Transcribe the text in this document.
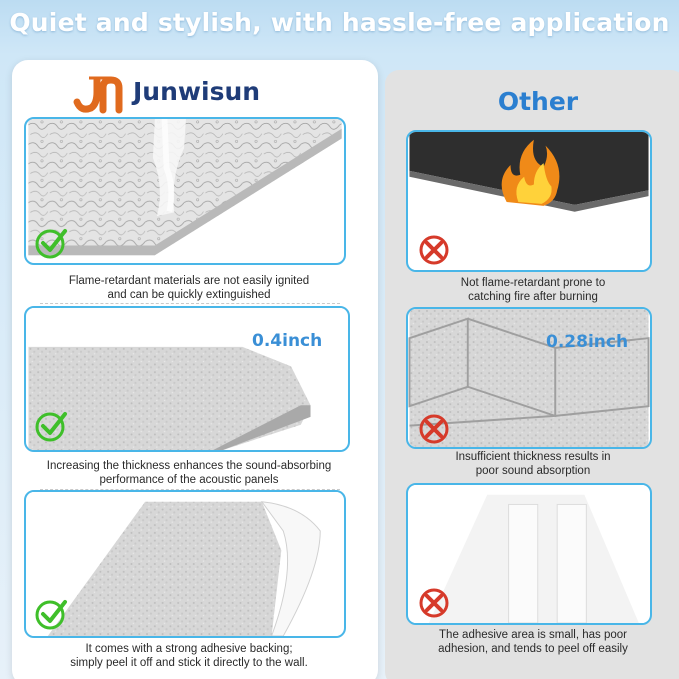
Quiet and stylish, with hassle-free application
Junwisun	Other
Flame-retardant materials are not easily ignited
and can be quickly extinguished
0.4inch
Increasing the thickness enhances the sound-absorbing
performance of the acoustic panels
It comes with a strong adhesive backing;
simply peel it off and stick it directly to the wall.
Not flame-retardant prone to
catching fire after burning
0.28inch
Insufficient thickness results in
poor sound absorption
The adhesive area is small, has poor
adhesion, and tends to peel off easily
